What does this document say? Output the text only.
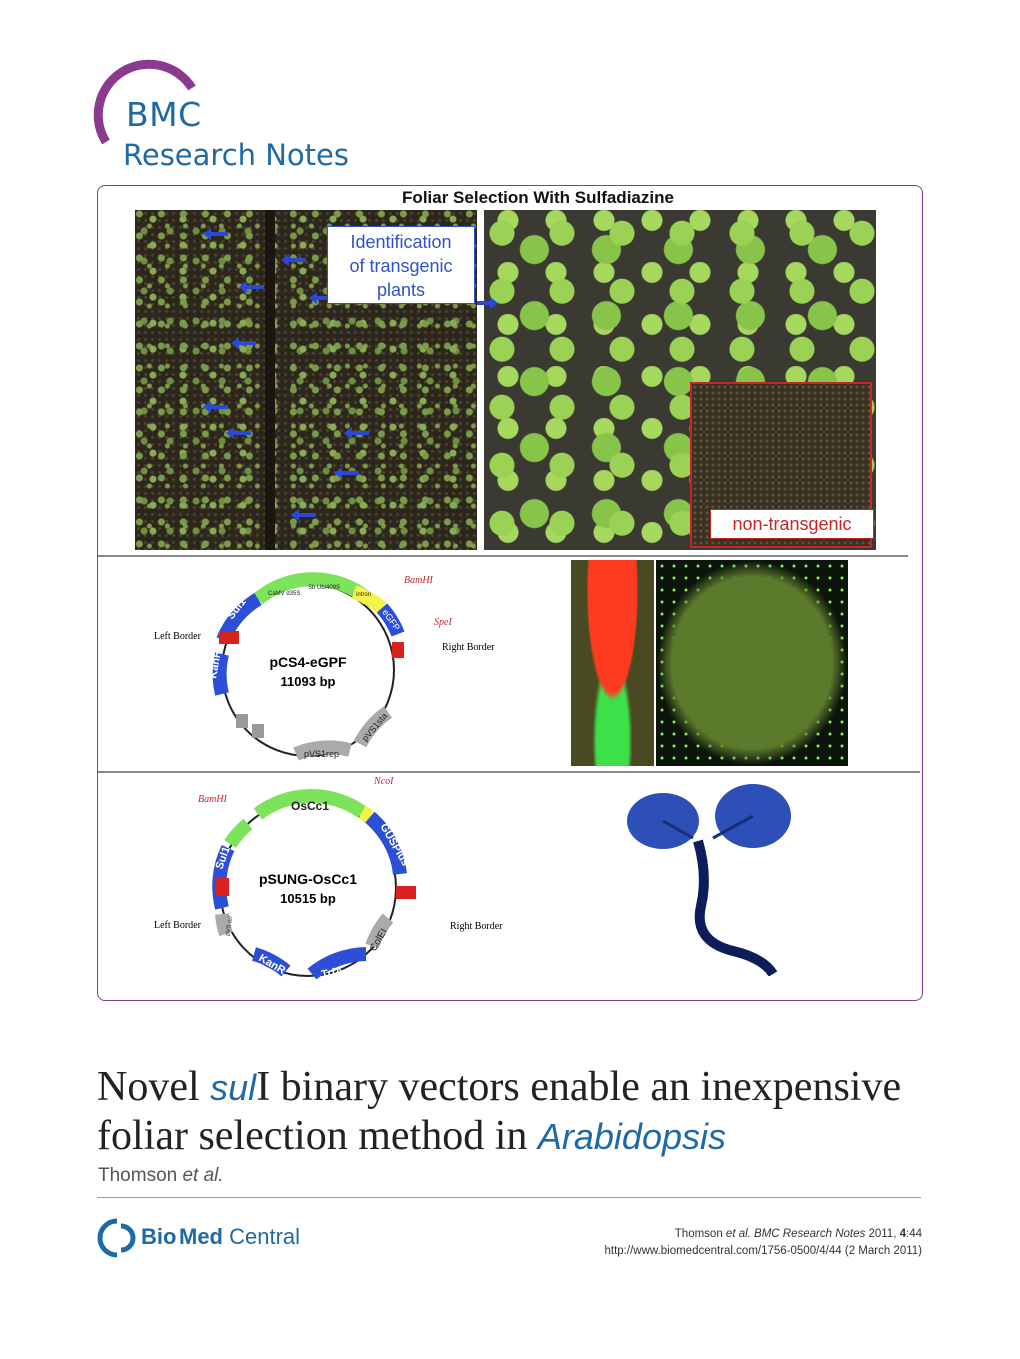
BMC
Research Notes
Foliar Selection With Sulfadiazine
non-transgenic
Identification
of transgenic
plants
pCS4-eGPF
11093 bp
Left Border
Right Border
BamHI
SpeI
Sul1
KanR
eGFP
pVS1rep
pVS1sta
CaMV d35S
Sb Ubi409S
intron
pSUNG-OsCc1
10515 bp
Left Border	Right Border
BamHI
NcoI
OsCc1
GUSPlus
Sul1
KanR	TrfA
ColEI
pVS ori
Novel sulI binary vectors enable an inexpensive
foliar selection method in Arabidopsis
Thomson et al.
Bio Med Central	Thomson et al. BMC Research Notes 2011, 4:44
http://www.biomedcentral.com/1756-0500/4/44 (2 March 2011)
